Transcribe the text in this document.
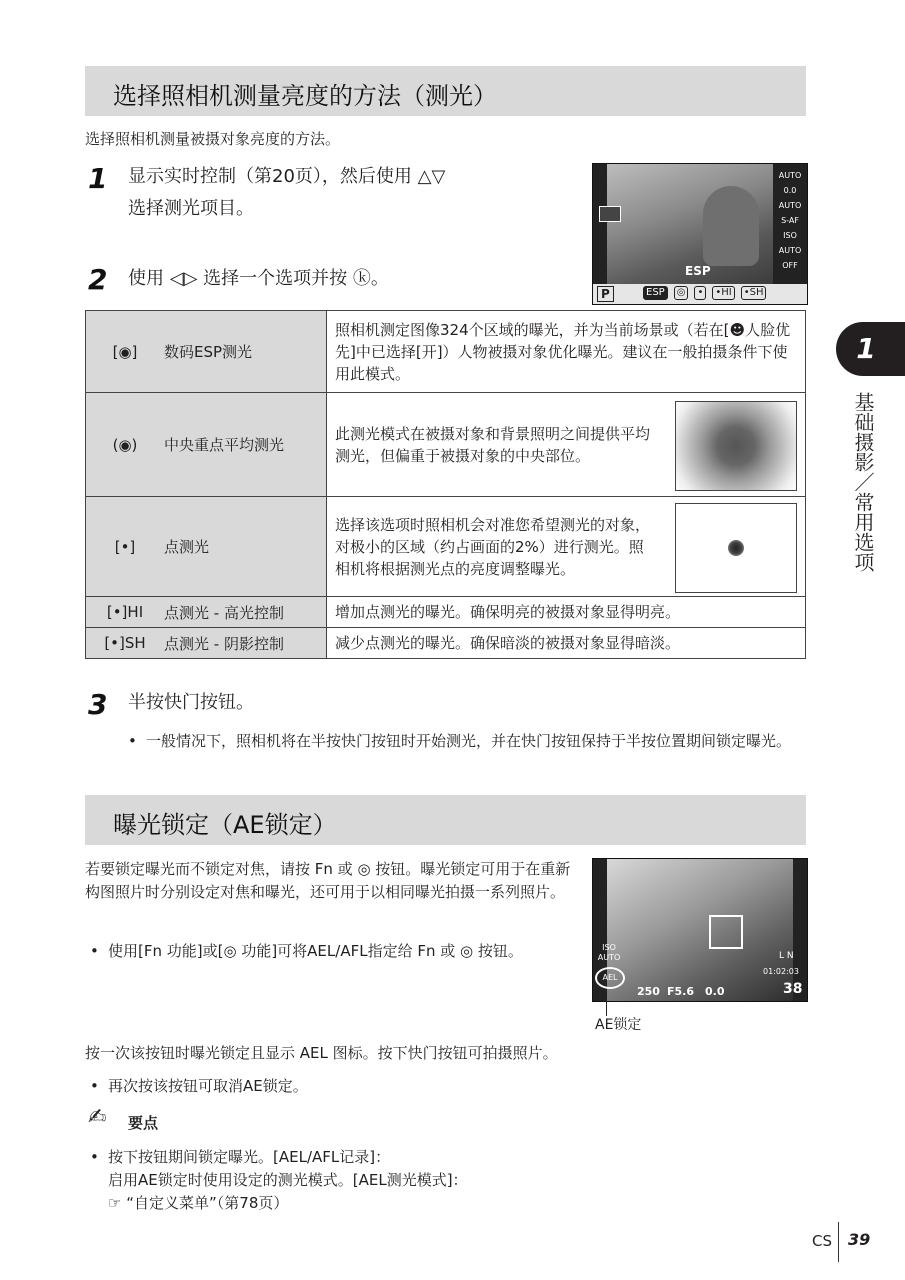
选择照相机测量亮度的方法（测光）
选择照相机测量被摄对象亮度的方法。
1 显示实时控制（第20页），然后使用 △▽
选择测光项目。
2 使用 ◁▷ 选择一个选项并按 ⓚ。	ESP
AUTO
0.0
AUTO
S-AF
ISO AUTO
OFF
P	ESP	◎	•	•HI	•SH
[◉] 数码ESP测光	照相机测定图像324个区域的曝光，并为当前场景或（若在[☻人脸优先]中已选择[开]）人物被摄对象优化曝光。建议在一般拍摄条件下使用此模式。

(◉) 中央重点平均测光	此测光模式在被摄对象和背景照明之间提供平均测光，但偏重于被摄对象的中央部位。

[•] 点测光	选择该选项时照相机会对准您希望测光的对象，对极小的区域（约占画面的2%）进行测光。照相机将根据测光点的亮度调整曝光。

[•]HI 点测光 - 高光控制	增加点测光的曝光。确保明亮的被摄对象显得明亮。

[•]SH 点测光 - 阴影控制	减少点测光的曝光。确保暗淡的被摄对象显得暗淡。
3 半按快门按钮。
• 一般情况下，照相机将在半按快门按钮时开始测光，并在快门按钮保持于半按位置期间锁定曝光。
曝光锁定（AE锁定）
若要锁定曝光而不锁定对焦，请按 Fn 或 ◎ 按钮。曝光锁定可用于在重新构图照片时分别设定对焦和曝光，还可用于以相同曝光拍摄一系列照片。
• 使用[Fn 功能]或[◎ 功能]可将AEL/AFL指定给 Fn 或 ◎ 按钮。	ISO AUTO
AEL
250 F5.6 0.0
L N
01:02:03
38
AE锁定
按一次该按钮时曝光锁定且显示 AEL 图标。按下快门按钮可拍摄照片。
• 再次按该按钮可取消AE锁定。
✍ 要点
• 按下按钮期间锁定曝光。[AEL/AFL记录]：
启用AE锁定时使用设定的测光模式。[AEL测光模式]：
☞ “自定义菜单”（第78页）
1
基础摄影／常用选项
CS 39
